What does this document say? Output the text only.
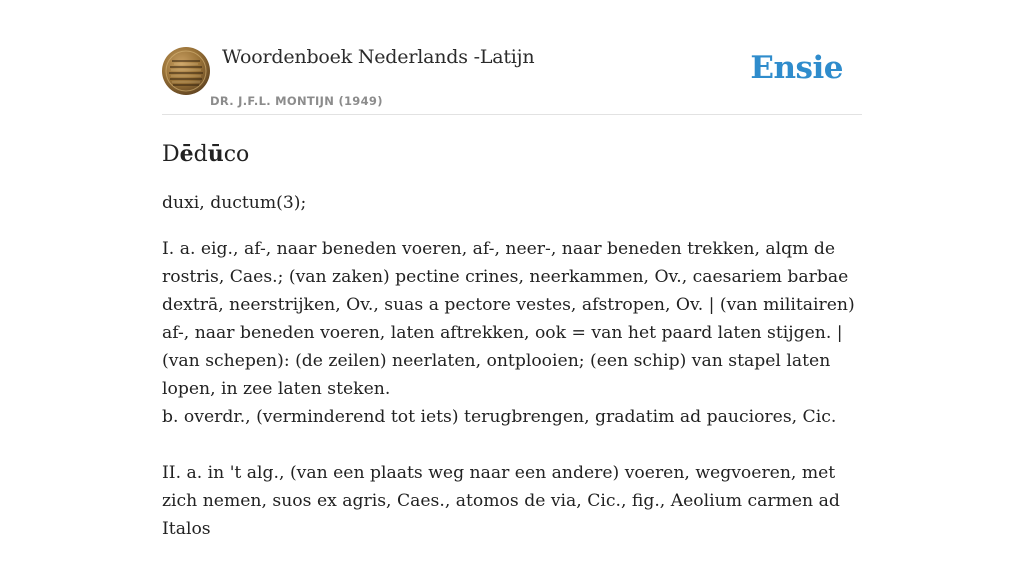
Woordenboek Nederlands -Latijn
DR. J.F.L. MONTIJN (1949)
Ensie
Dēdūco

duxi, ductum(3);

I. a. eig., af-, naar beneden voeren, af-, neer-, naar beneden trekken, alqm de rostris, Caes.; (van zaken) pectine crines, neerkammen, Ov., caesariem barbae dextrā, neerstrijken, Ov., suas a pectore vestes, afstropen, Ov. | (van militairen) af-, naar beneden voeren, laten aftrekken, ook = van het paard laten stijgen. | (van schepen): (de zeilen) neerlaten, ontplooien; (een schip) van stapel laten lopen, in zee laten steken.

b. overdr., (verminderend tot iets) terugbrengen, gradatim ad pauciores, Cic.

II. a. in 't alg., (van een plaats weg naar een andere) voeren, wegvoeren, met zich nemen, suos ex agris, Caes., atomos de via, Cic., fig., Aeolium carmen ad Italos
